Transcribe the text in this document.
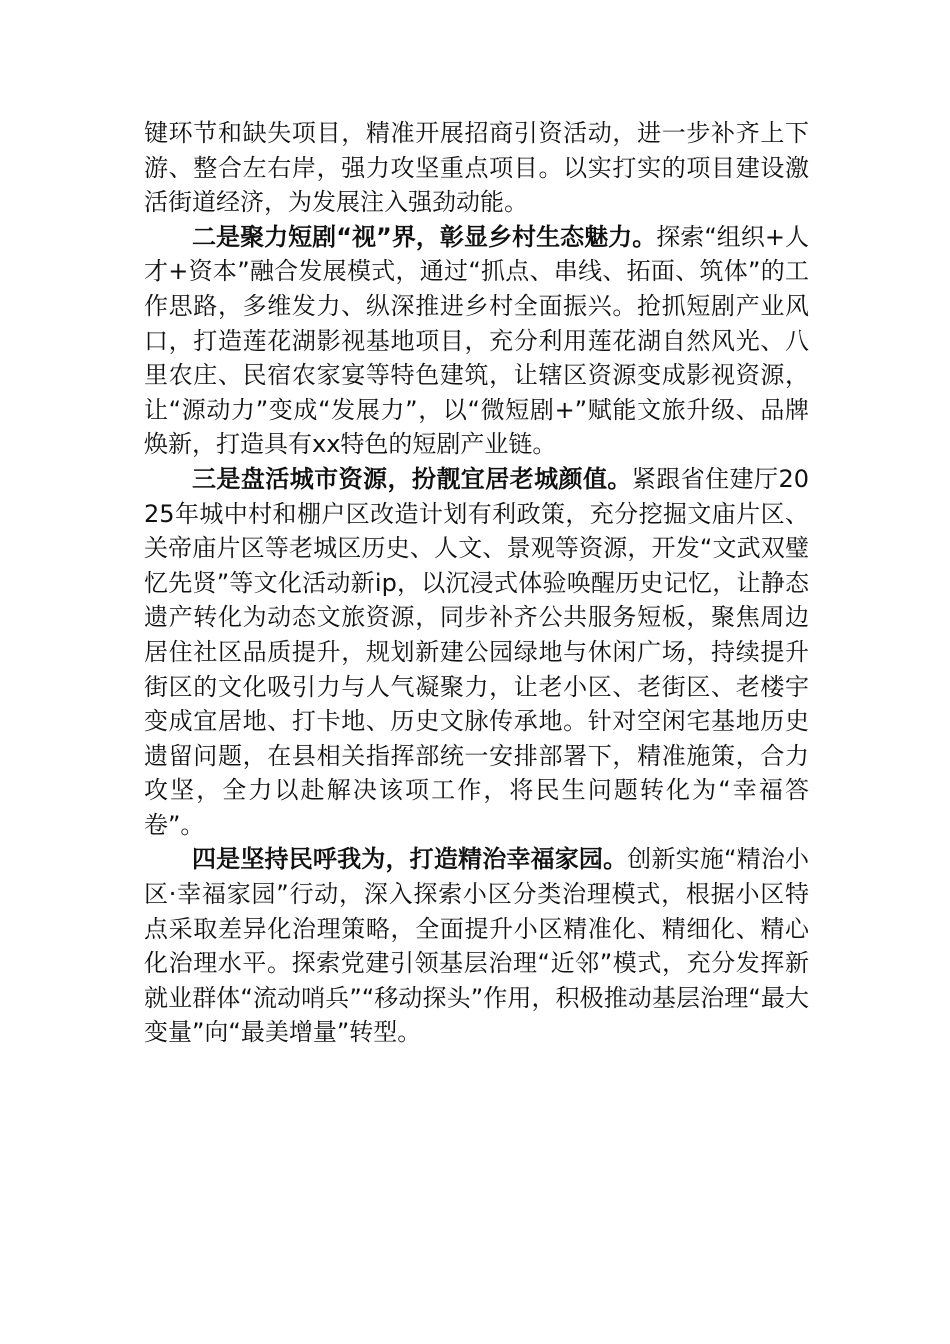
键环节和缺失项目，精准开展招商引资活动，进一步补齐上下游、整合左右岸，强力攻坚重点项目。以实打实的项目建设激活街道经济，为发展注入强劲动能。

二是聚力短剧“视”界，彰显乡村生态魅力。探索“组织+人才+资本”融合发展模式，通过“抓点、串线、拓面、筑体”的工作思路，多维发力、纵深推进乡村全面振兴。抢抓短剧产业风口，打造莲花湖影视基地项目，充分利用莲花湖自然风光、八里农庄、民宿农家宴等特色建筑，让辖区资源变成影视资源，让“源动力”变成“发展力”，以“微短剧+”赋能文旅升级、品牌焕新，打造具有xx特色的短剧产业链。

三是盘活城市资源，扮靓宜居老城颜值。紧跟省住建厅2025年城中村和棚户区改造计划有利政策，充分挖掘文庙片区、关帝庙片区等老城区历史、人文、景观等资源，开发“文武双璧忆先贤”等文化活动新ip，以沉浸式体验唤醒历史记忆，让静态遗产转化为动态文旅资源，同步补齐公共服务短板，聚焦周边居住社区品质提升，规划新建公园绿地与休闲广场，持续提升街区的文化吸引力与人气凝聚力，让老小区、老街区、老楼宇变成宜居地、打卡地、历史文脉传承地。针对空闲宅基地历史遗留问题，在县相关指挥部统一安排部署下，精准施策，合力攻坚，全力以赴解决该项工作，将民生问题转化为“幸福答卷”。

四是坚持民呼我为，打造精治幸福家园。创新实施“精治小区·幸福家园”行动，深入探索小区分类治理模式，根据小区特点采取差异化治理策略，全面提升小区精准化、精细化、精心化治理水平。探索党建引领基层治理“近邻”模式，充分发挥新就业群体“流动哨兵”“移动探头”作用，积极推动基层治理“最大变量”向“最美增量”转型。
